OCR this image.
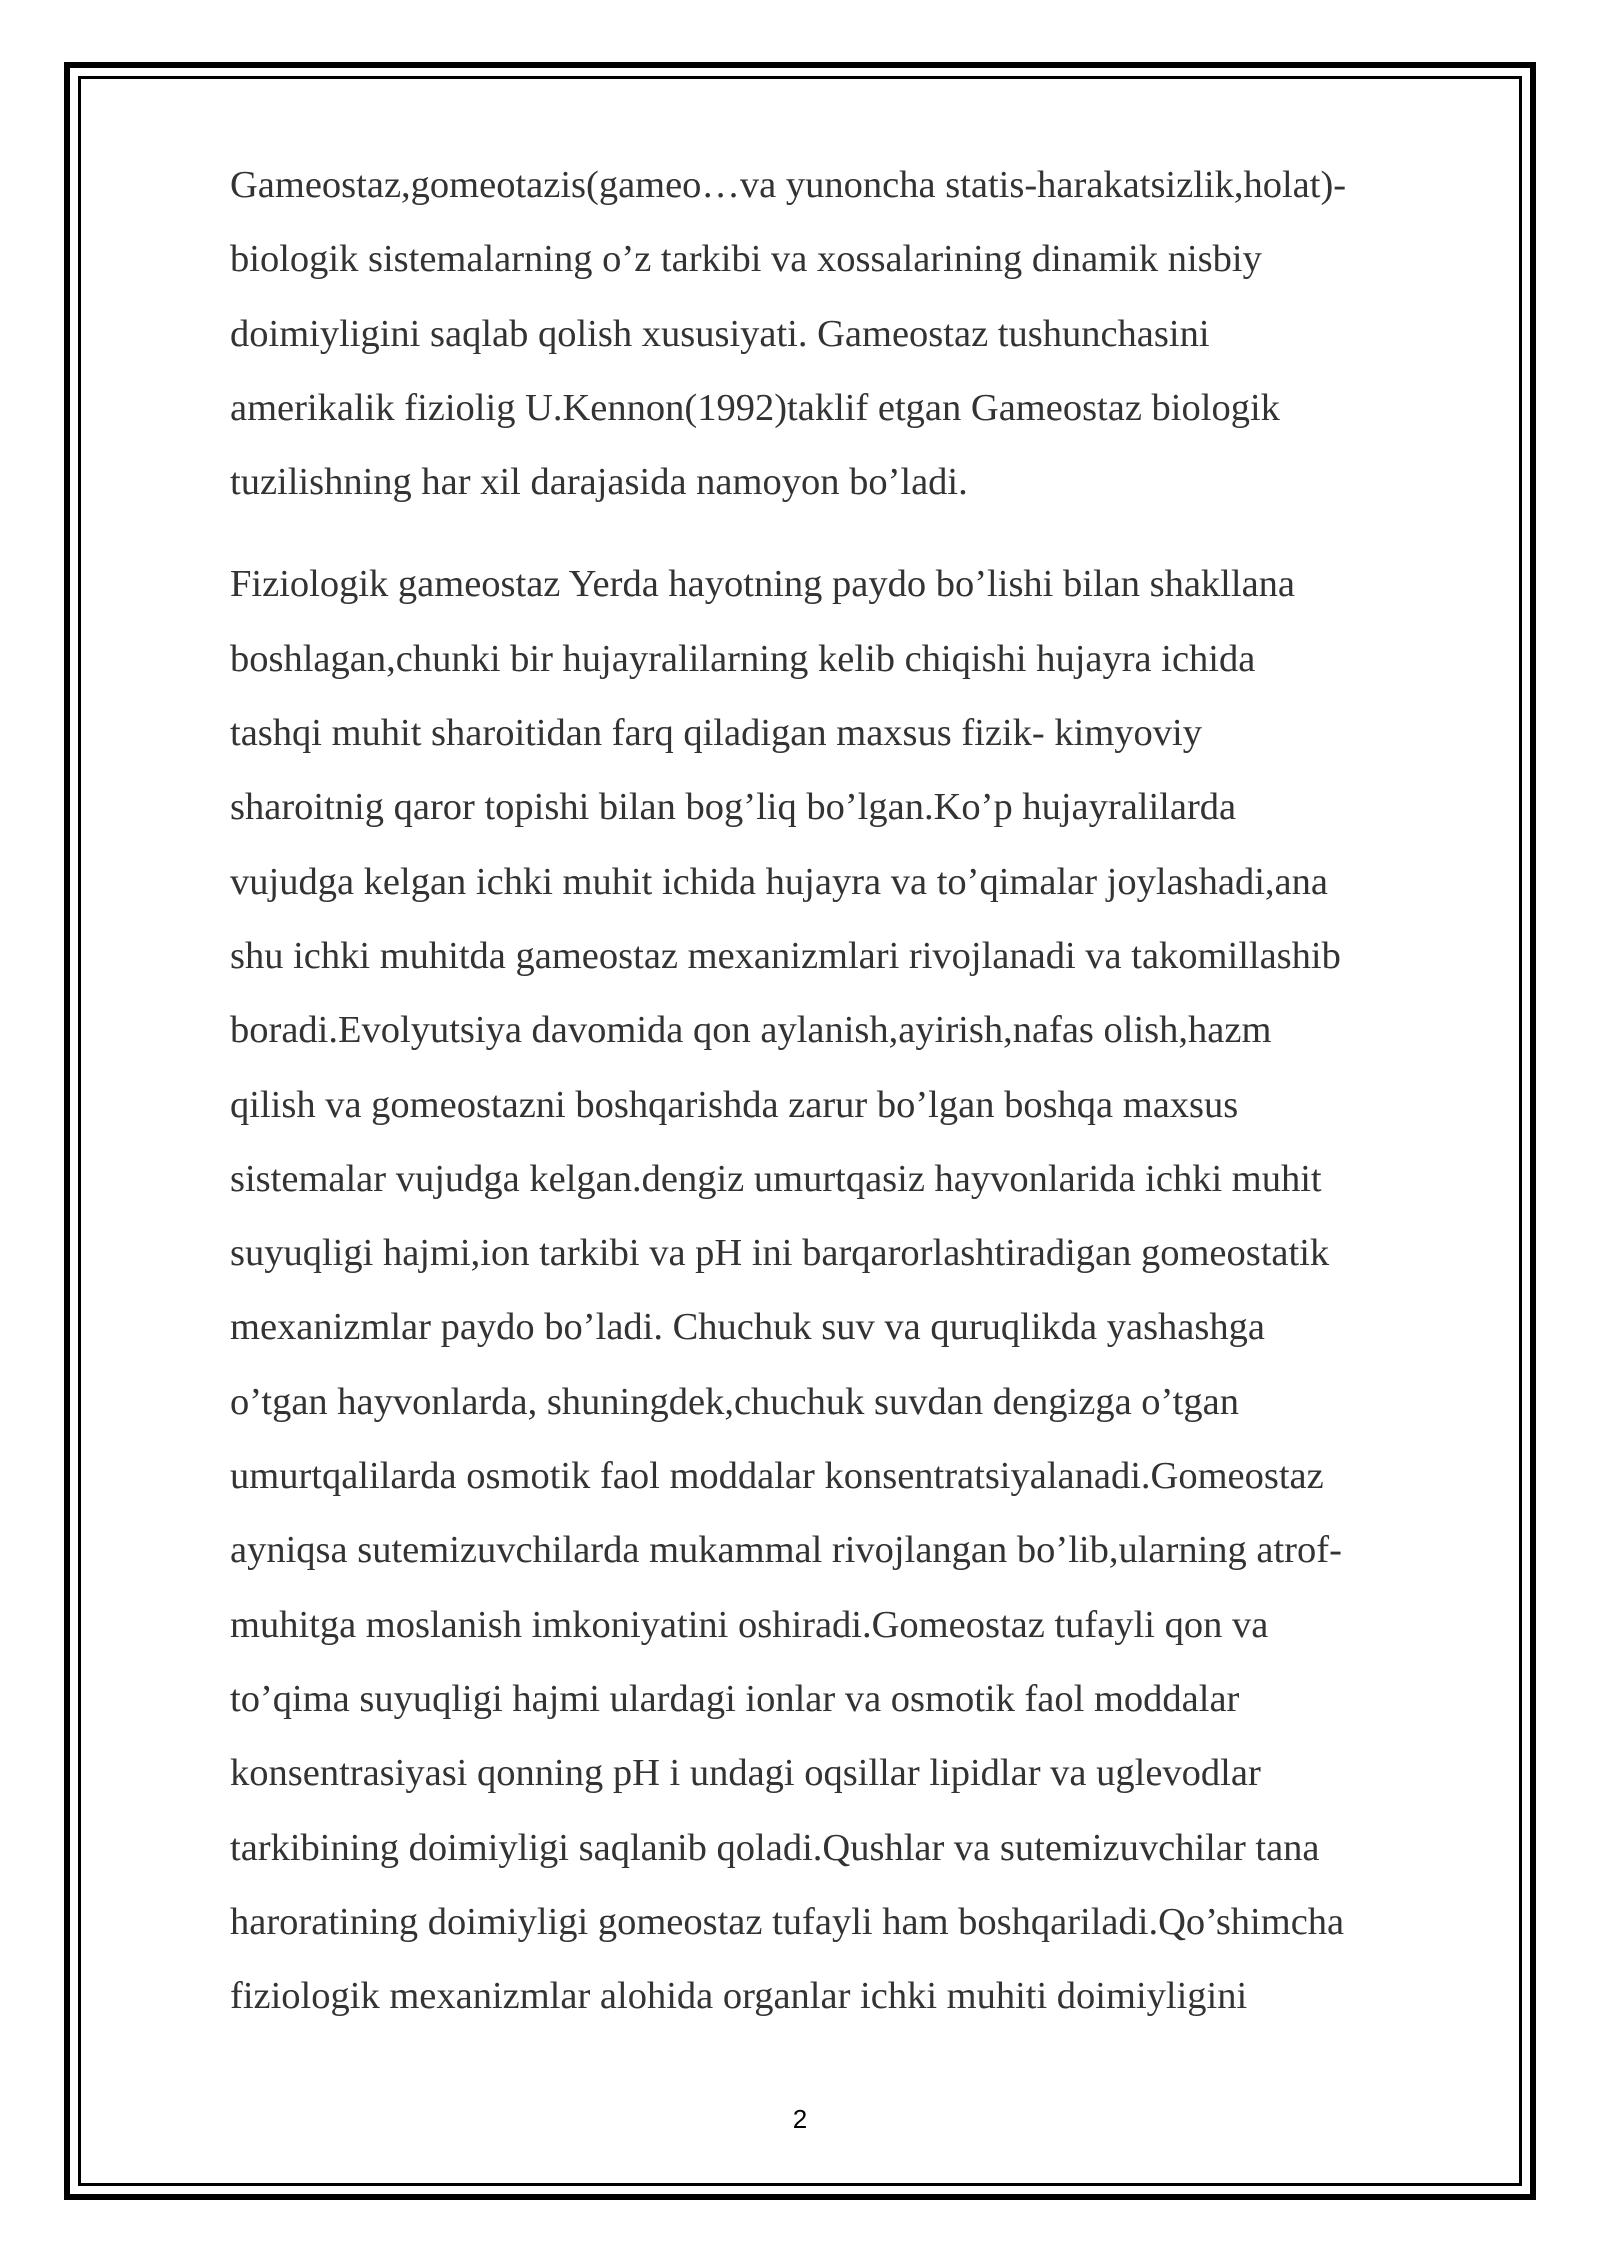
Gameostaz,gomeotazis(gameo…va yunoncha statis-harakatsizlik,holat)-
biologik sistemalarning o’z tarkibi va xossalarining dinamik nisbiy
doimiyligini saqlab qolish xususiyati. Gameostaz tushunchasini
amerikalik fiziolig U.Kennon(1992)taklif etgan Gameostaz biologik
tuzilishning har xil darajasida namoyon bo’ladi.

Fiziologik gameostaz Yerda hayotning paydo bo’lishi bilan shakllana
boshlagan,chunki bir hujayralilarning kelib chiqishi hujayra ichida
tashqi muhit sharoitidan farq qiladigan maxsus fizik- kimyoviy
sharoitnig qaror topishi bilan bog’liq bo’lgan.Ko’p hujayralilarda
vujudga kelgan ichki muhit ichida hujayra va to’qimalar joylashadi,ana
shu ichki muhitda gameostaz mexanizmlari rivojlanadi va takomillashib
boradi.Evolyutsiya davomida qon aylanish,ayirish,nafas olish,hazm
qilish va gomeostazni boshqarishda zarur bo’lgan boshqa maxsus
sistemalar vujudga kelgan.dengiz umurtqasiz hayvonlarida ichki muhit
suyuqligi hajmi,ion tarkibi va pH ini barqarorlashtiradigan gomeostatik
mexanizmlar paydo bo’ladi. Chuchuk suv va quruqlikda yashashga
o’tgan hayvonlarda, shuningdek,chuchuk suvdan dengizga o’tgan
umurtqalilarda osmotik faol moddalar konsentratsiyalanadi.Gomeostaz
ayniqsa sutemizuvchilarda mukammal rivojlangan bo’lib,ularning atrof-
muhitga moslanish imkoniyatini oshiradi.Gomeostaz tufayli qon va
to’qima suyuqligi hajmi ulardagi ionlar va osmotik faol moddalar
konsentrasiyasi qonning pH i undagi oqsillar lipidlar va uglevodlar
tarkibining doimiyligi saqlanib qoladi.Qushlar va sutemizuvchilar tana
haroratining doimiyligi gomeostaz tufayli ham boshqariladi.Qo’shimcha
fiziologik mexanizmlar alohida organlar ichki muhiti doimiyligini

2
